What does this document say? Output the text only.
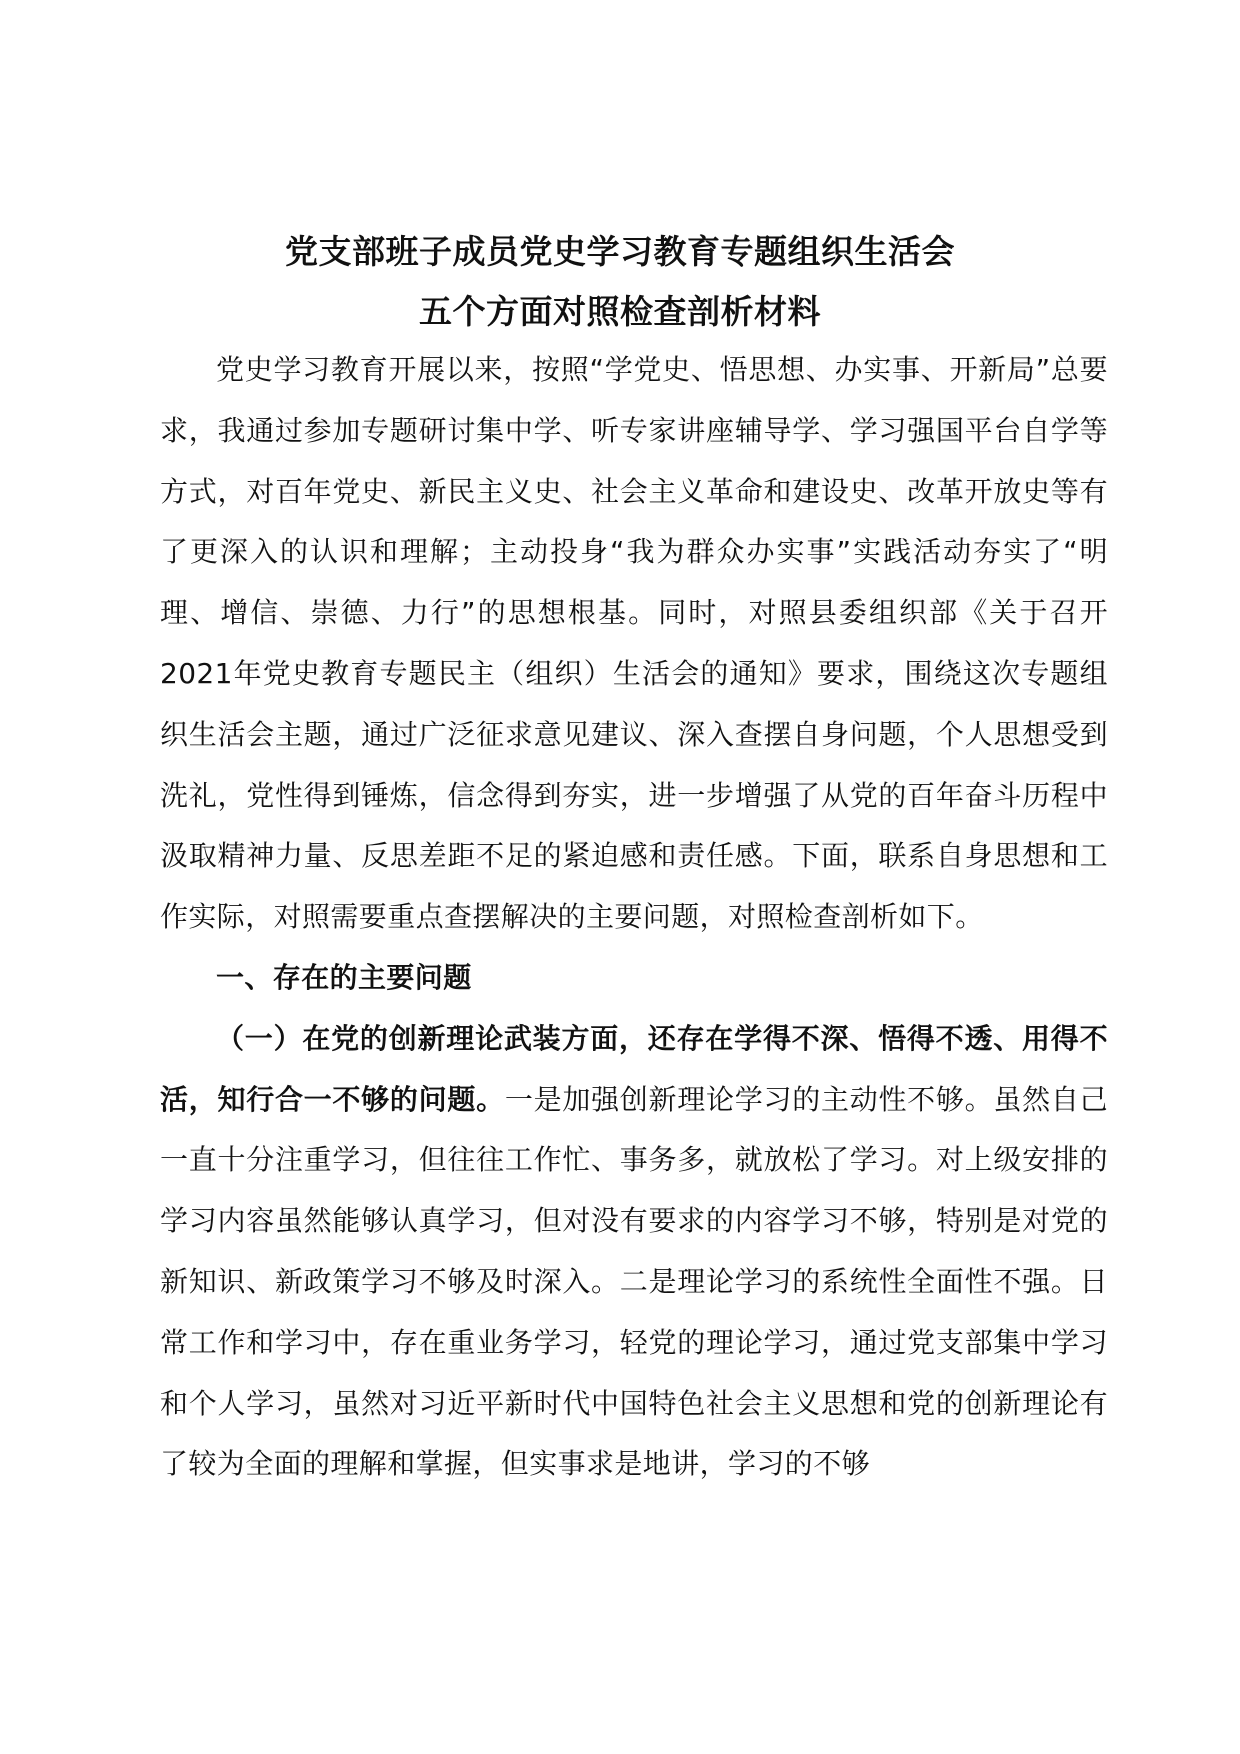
党支部班子成员党史学习教育专题组织生活会
五个方面对照检查剖析材料

党史学习教育开展以来，按照“学党史、悟思想、办实事、开新局”总要求，我通过参加专题研讨集中学、听专家讲座辅导学、学习强国平台自学等方式，对百年党史、新民主义史、社会主义革命和建设史、改革开放史等有了更深入的认识和理解；主动投身“我为群众办实事”实践活动夯实了“明理、增信、崇德、力行”的思想根基。同时，对照县委组织部《关于召开2021年党史教育专题民主（组织）生活会的通知》要求，围绕这次专题组织生活会主题，通过广泛征求意见建议、深入查摆自身问题，个人思想受到洗礼，党性得到锤炼，信念得到夯实，进一步增强了从党的百年奋斗历程中汲取精神力量、反思差距不足的紧迫感和责任感。下面，联系自身思想和工作实际，对照需要重点查摆解决的主要问题，对照检查剖析如下。

一、存在的主要问题

（一）在党的创新理论武装方面，还存在学得不深、悟得不透、用得不活，知行合一不够的问题。一是加强创新理论学习的主动性不够。虽然自己一直十分注重学习，但往往工作忙、事务多，就放松了学习。对上级安排的学习内容虽然能够认真学习，但对没有要求的内容学习不够，特别是对党的新知识、新政策学习不够及时深入。二是理论学习的系统性全面性不强。日常工作和学习中，存在重业务学习，轻党的理论学习，通过党支部集中学习和个人学习，虽然对习近平新时代中国特色社会主义思想和党的创新理论有了较为全面的理解和掌握，但实事求是地讲，学习的不够
